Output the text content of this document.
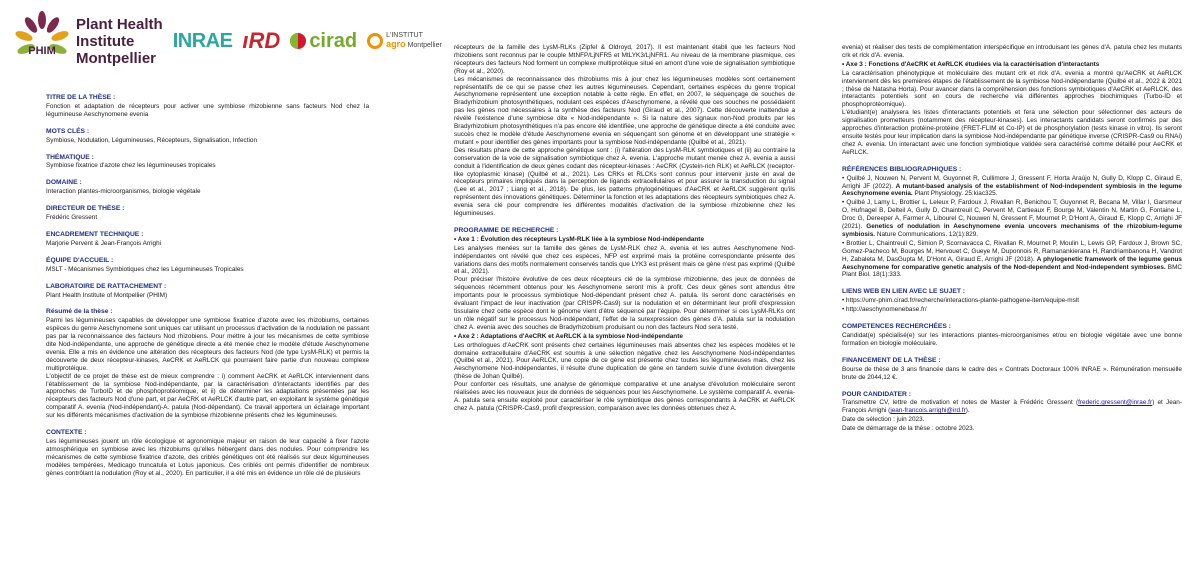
PHIM
Plant Health
Institute
Montpellier
INRAE ıRD cirad	L'INSTITUT
agro Montpellier
TITRE DE LA THÈSE :
Fonction et adaptation de récepteurs pour activer une symbiose rhizobienne sans facteurs Nod chez la légumineuse Aeschynomene evenia
MOTS CLÉS :
Symbiose, Nodulation, Légumineuses, Récepteurs, Signalisation, Infection
THÉMATIQUE :
Symbiose fixatrice d'azote chez les légumineuses tropicales
DOMAINE :
Interaction plantes-microorganismes, biologie végétale
DIRECTEUR DE THÈSE :
Frédéric Gressent
ENCADREMENT TECHNIQUE :
Marjorie Pervent & Jean-François Arrighi
ÉQUIPE D'ACCUEIL :
MSLT - Mécanismes Symbiotiques chez les Légumineuses Tropicales
LABORATOIRE DE RATTACHEMENT :
Plant Health Institute of Montpellier (PHIM)
Résumé de la thèse :

Parmi les légumineuses capables de développer une symbiose fixatrice d'azote avec les rhizobiums, certaines espèces du genre Aeschynomene sont uniques car utilisant un processus d'activation de la nodulation ne passant pas par la reconnaissance des facteurs Nod rhizobiens. Pour mettre à jour les mécanismes de cette symbiose dite Nod-indépendante, une approche de génétique directe a été menée chez le modèle d'étude Aeschynomene evenia. Elle a mis en évidence une altération des récepteurs des facteurs Nod (de type LysM-RLK) et permis la découverte de deux récepteur-kinases, AeCRK et AeRLCK qui pourraient faire partie d'un nouveau complexe multiprotéique.

L'objectif de ce projet de thèse est de mieux comprendre : i) comment AeCRK et AeRLCK interviennent dans l'établissement de la symbiose Nod-indépendante, par la caractérisation d'interactants identifiés par des approches de TurboID et de phosphoprotéomique, et ii) de déterminer les adaptations présentées par les récepteurs des facteurs Nod d'une part, et par AeCRK et AeRLCK d'autre part, en exploitant le système génétique comparatif A. evenia (Nod-indépendant)-A. patula (Nod-dépendant). Ce travail apportera un éclairage important sur les différents mécanismes d'activation de la symbiose rhizobienne présents chez les légumineuses.

CONTEXTE :
Les légumineuses jouent un rôle écologique et agronomique majeur en raison de leur capacité à fixer l'azote atmosphérique en symbiose avec les rhizobiums qu'elles hébergent dans des nodules. Pour comprendre les mécanismes de cette symbiose fixatrice d'azote, des criblés génétiques ont été réalisés sur deux légumineuses modèles tempérées, Medicago truncatula et Lotus japonicus. Ces criblés ont permis d'identifier de nombreux gènes contrôlant la nodulation (Roy et al., 2020). En particulier, il a été mis en évidence un rôle clé de plusieurs

récepteurs de la famille des LysM-RLKs (Zipfel & Oldroyd, 2017). Il est maintenant établi que les facteurs Nod rhizobiens sont reconnus par le couple MtNFP/LjNFR5 et MtLYK3/LjNFR1. Au niveau de la membrane plasmique, ces récepteurs des facteurs Nod forment un complexe multiprotéique situé en amont d'une voie de signalisation symbiotique (Roy et al., 2020).

Les mécanismes de reconnaissance des rhizobiums mis à jour chez les légumineuses modèles sont certainement représentatifs de ce qui se passe chez les autres légumineuses. Cependant, certaines espèces du genre tropical Aeschynomene représentent une exception notable à cette règle. En effet, en 2007, le séquençage de souches de Bradyrhizobium photosynthétiques, nodulant ces espèces d'Aeschynomene, a révélé que ces souches ne possédaient pas les gènes nod nécessaires à la synthèse des facteurs Nod (Giraud et al., 2007). Cette découverte inattendue a révélé l'existence d'une symbiose dite « Nod-indépendante ». Si la nature des signaux non-Nod produits par les Bradyrhizobium photosynthétiques n'a pas encore été identifiée, une approche de génétique directe a été conduite avec succès chez le modèle d'étude Aeschynomene evenia en séquençant son génome et en développant une stratégie « mutant » pour identifier des gènes importants pour la symbiose Nod-indépendante (Quilbé et al., 2021).

Des résultats phare de cette approche génétique sont : (i) l'altération des LysM-RLK symbiotiques et (ii) au contraire la conservation de la voie de signalisation symbiotique chez A. evenia. L'approche mutant menée chez A. evenia a aussi conduit à l'identification de deux gènes codant des récepteur-kinases : AeCRK (Cystein-rich RLK) et AeRLCK (receptor-like cytoplasmic kinase) (Quilbé et al., 2021). Les CRKs et RLCKs sont connus pour intervenir juste en aval de récepteurs primaires impliqués dans la perception de ligands extracellulaires et pour assurer la transduction du signal (Lee et al., 2017 ; Liang et al., 2018). De plus, les patterns phylogénétiques d'AeCRK et AeRLCK suggèrent qu'ils représentent des innovations génétiques. Déterminer la fonction et les adaptations des récepteurs symbiotiques chez A. evenia sera clé pour comprendre les différentes modalités d'activation de la symbiose rhizobienne chez les légumineuses.

PROGRAMME DE RECHERCHE :
• Axe 1 : Évolution des récepteurs LysM-RLK liée à la symbiose Nod-indépendante

Les analyses menées sur la famille des gènes de LysM-RLK chez A. evenia et les autres Aeschynomene Nod-indépendantes ont révélé que chez ces espèces, NFP est exprimé mais la protéine correspondante présente des variations dans des motifs normalement conservés tandis que LYK3 est présent mais ce gène n'est pas exprimé (Quilbé et al., 2021).

Pour préciser l'histoire évolutive de ces deux récepteurs clé de la symbiose rhizobienne, des jeux de données de séquences récemment obtenus pour les Aeschynomene seront mis à profit. Ces deux gènes sont attendus être importants pour le processus symbiotique Nod-dépendant présent chez A. patula. Ils seront donc caractérisés en évaluant l'impact de leur inactivation (par CRISPR-Cas9) sur la nodulation et en déterminant leur profil d'expression tissulaire chez cette espèce dont le génome vient d'être séquencé par l'équipe. Pour déterminer si ces LysM-RLKs ont un rôle négatif sur le processus Nod-indépendant, l'effet de la surexpression des gènes d'A. patula sur la nodulation chez A. evenia avec des souches de Bradyrhizobium produisant ou non des facteurs Nod sera testé.

• Axe 2 : Adaptations d'AeCRK et AeRLCK à la symbiose Nod-indépendante

Les orthologues d'AeCRK sont présents chez certaines légumineuses mais absentes chez les espèces modèles et le domaine extracellulaire d'AeCRK est soumis à une sélection négative chez les Aeschynomene Nod-indépendantes (Quilbé et al., 2021). Pour AeRLCK, une copie de ce gène est présente chez toutes les légumineuses mais, chez les Aeschynomene Nod-indépendantes, il résulte d'une duplication de gène en tandem suivie d'une évolution divergente (thèse de Johan Quilbé).

Pour conforter ces résultats, une analyse de génomique comparative et une analyse d'évolution moléculaire seront réalisées avec les nouveaux jeux de données de séquences pour les Aeschynomene. Le système comparatif A. evenia-A. patula sera ensuite exploité pour caractériser le rôle symbiotique des gènes correspondants à AeCRK et AeRLCK chez A. patula (CRISPR-Cas9, profil d'expression, comparaison avec les données obtenues chez A.

evenia) et réaliser des tests de complémentation interspécifique en introduisant les gènes d'A. patula chez les mutants crk et rlck d'A. evenia.
• Axe 3 : Fonctions d'AeCRK et AeRLCK étudiées via la caractérisation d'interactants

La caractérisation phénotypique et moléculaire des mutant crk et rlck d'A. evenia a montré qu'AeCRK et AeRLCK interviennent dès les premières étapes de l'établissement de la symbiose Nod-indépendante (Quilbé et al., 2022 & 2021 ; thèse de Natasha Horta). Pour avancer dans la compréhension des fonctions symbiotiques d'AeCRK et AeRLCK, des interactants potentiels sont en cours de recherche via différentes approches biochimiques (Turbo-ID et phosphoprotéomique).

L'étudiant(e) analysera les listes d'interactants potentiels et fera une sélection pour sélectionner des acteurs de signalisation prometteurs (notamment des récepteur-kinases). Les interactants candidats seront confirmés par des approches d'interaction protéine-protéine (FRET-FLIM et Co-IP) et de phosphorylation (tests kinase in vitro). Ils seront ensuite testés pour leur implication dans la symbiose Nod-indépendante par génétique inverse (CRISPR-Cas9 ou RNAi) chez A. evenia. Un interactant avec une fonction symbiotique validée sera caractérisé comme détaillé pour AeCRK et AeRLCK.

RÉFÉRENCES BIBLIOGRAPHIQUES :
• Quilbé J, Nouwen N, Pervent M, Guyonnet R, Cullimore J, Gressent F, Horta Araújo N, Gully D, Klopp C, Giraud E, Arrighi JF (2022). A mutant-based analysis of the establishment of Nod-independent symbiosis in the legume Aeschynomene evenia. Plant Physiology. 25:kiac325.
• Quilbé J, Lamy L, Brottier L, Leleux P, Fardoux J, Rivallan R, Benichou T, Guyonnet R, Becana M, Villar I, Garsmeur O, Hufnagel B, Delteil A, Gully D, Chaintreuil C, Pervent M, Cartieaux F, Bourge M, Valentin N, Martin G, Fontaine L, Droc G, Dereeper A, Farmer A, Libourel C, Nouwen N, Gressent F, Mournet P, D'Hont A, Giraud E, Klopp C, Arrighi JF (2021). Genetics of nodulation in Aeschynomene evenia uncovers mechanisms of the rhizobium-legume symbiosis. Nature Communications. 12(1):829.
• Brottier L, Chaintreuil C, Simion P, Scornavacca C, Rivallan R, Mournet P, Moulin L, Lewis GP, Fardoux J, Brown SC, Gomez-Pacheco M, Bourges M, Hervouet C, Gueye M, Duponnois R, Ramanankierana H, Randriambanona H, Vandrot H, Zabaleta M, DasGupta M, D'Hont A, Giraud E, Arrighi JF (2018). A phylogenetic framework of the legume genus Aeschynomene for comparative genetic analysis of the Nod-dependent and Nod-independent symbioses. BMC Plant Biol. 18(1):333.
LIENS WEB EN LIEN AVEC LE SUJET :
• https://umr-phim.cirad.fr/recherche/interactions-plante-pathogene-item/equipe-mslt
• http://aeschynomenebase.fr/
COMPETENCES RECHERCHÉES :
Candidat(e) spécialisé(e) sur les interactions plantes-microorganismes et/ou en biologie végétale avec une bonne formation en biologie moléculaire.
FINANCEMENT DE LA THÈSE :
Bourse de thèse de 3 ans financée dans le cadre des « Contrats Doctoraux 100% INRAE ». Rémunération mensuelle brute de 2044,12 €.
POUR CANDIDATER :
Transmettre CV, lettre de motivation et notes de Master à Frédéric Gressent (frederic.gressent@inrae.fr) et Jean-François Arrighi (jean-francois.arrighi@ird.fr).
Date de sélection : juin 2023.
Date de démarrage de la thèse : octobre 2023.
